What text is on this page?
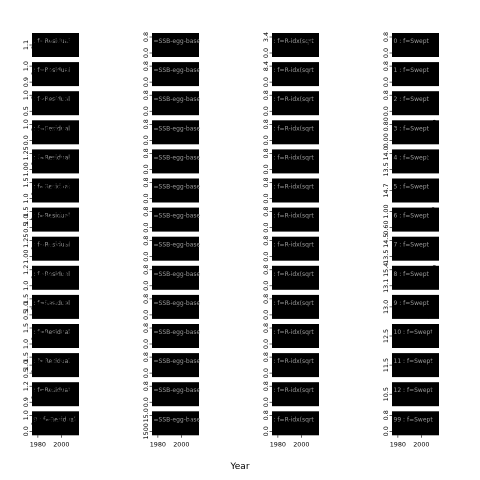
: f=Residual
1.1
: f=Residual
1.0
0.9
: f=Residual
1.0
0.5
: f=Residual
1.0
0.0
: f=Residual
1.25
1.00
: f=Residual
1.5
1.0
: f=Residual
1.5
1.0
0.5
: f=Residual
1.25
1.00
: f=Residual
1.2
1.0
: f=Residual
1.5
1.0
0.5
: f=Residual
1.5
1.0
: f=Residual
1.5
1.0
0.5
: f=Residual
1.2
0.9
9 : f=Residual
1.0
0.0
1980 2000
=SSB-egg-base
0.8
0.0
=SSB-egg-base
0.8
0.0
=SSB-egg-base
0.8
0.0
=SSB-egg-base
0.8
0.0
=SSB-egg-base
0.8
0.0
=SSB-egg-base
0.8
0.0
=SSB-egg-base
0.8
0.0
=SSB-egg-base
0.8
0.0
=SSB-egg-base
0.8
0.0
=SSB-egg-base
0.8
0.0
=SSB-egg-base
0.8
0.0
=SSB-egg-base
0.8
0.0
=SSB-egg-base
0.8
0.0
=SSB-egg-base
15.0
1500
1980 2000
: f=R-idx(sqrt
3.4
0.0
: f=R-idx(sqrt
8.4
0.0
: f=R-idx(sqrt
0.8
0.0
: f=R-idx(sqrt
0.8
0.0
: f=R-idx(sqrt
0.8
0.0
: f=R-idx(sqrt
0.8
0.0
: f=R-idx(sqrt
0.8
0.0
: f=R-idx(sqrt
0.8
0.0
: f=R-idx(sqrt
0.8
0.0
: f=R-idx(sqrt
0.8
0.0
: f=R-idx(sqrt
0.8
0.0
: f=R-idx(sqrt
0.8
0.0
: f=R-idx(sqrt
0.8
0.0
: f=R-idx(sqrt
0.8
0.0
1980 2000
0 : f=Swept
0.8
0.0
1 : f=Swept
0.8
0.0
2 : f=Swept
0.8
0.0
3 : f=Swept
0.80
0.00
4 : f=Swept
14.0
13.5
5 : f=Swept
14.7
6 : f=Swept
1.00
0.60
7 : f=Swept
14.5
13.5
8 : f=Swept
15.4
13.1
9 : f=Swept
13.0
10 : f=Swept
12.5
11 : f=Swept
11.5
12 : f=Swept
10.5
99 : f=Swept
0.8
0.0
1980 2000
Year
